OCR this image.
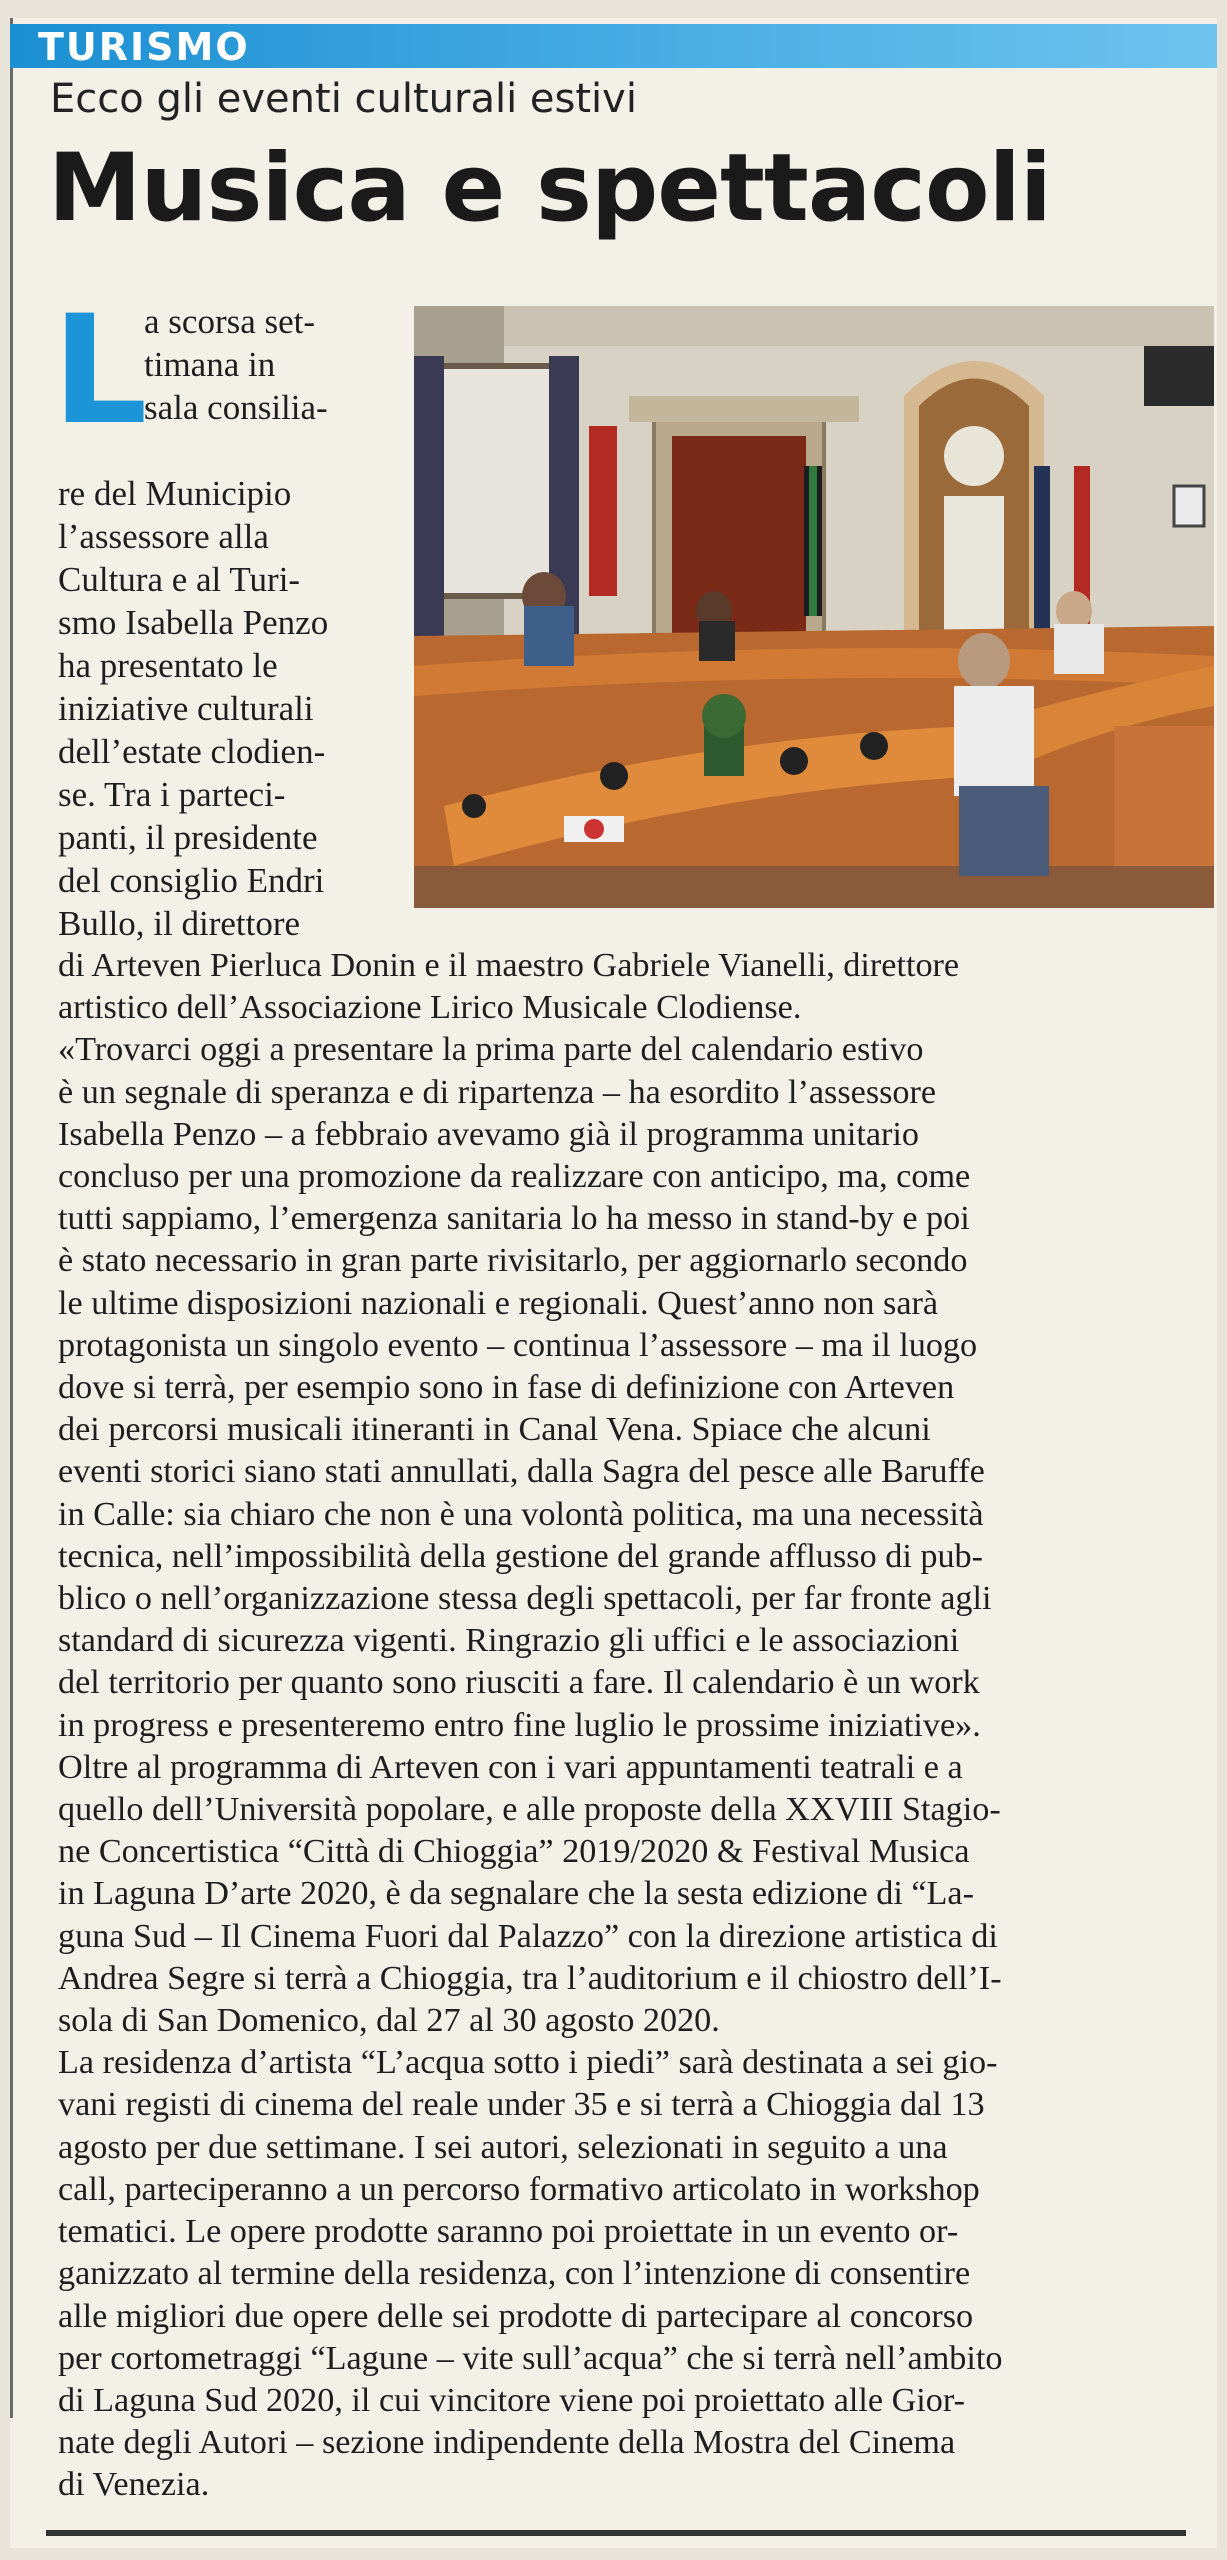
TURISMO
Ecco gli eventi culturali estivi
Musica e spettacoli
L
a scorsa set-
timana in
sala consilia-
re del Municipio
l’assessore alla
Cultura e al Turi-
smo Isabella Penzo
ha presentato le
iniziative culturali
dell’estate clodien-
se. Tra i parteci-
panti, il presidente
del consiglio Endri
Bullo, il direttore
di Arteven Pierluca Donin e il maestro Gabriele Vianelli, direttore
artistico dell’Associazione Lirico Musicale Clodiense.
«Trovarci oggi a presentare la prima parte del calendario estivo
è un segnale di speranza e di ripartenza – ha esordito l’assessore
Isabella Penzo – a febbraio avevamo già il programma unitario
concluso per una promozione da realizzare con anticipo, ma, come
tutti sappiamo, l’emergenza sanitaria lo ha messo in stand-by e poi
è stato necessario in gran parte rivisitarlo, per aggiornarlo secondo
le ultime disposizioni nazionali e regionali. Quest’anno non sarà
protagonista un singolo evento – continua l’assessore – ma il luogo
dove si terrà, per esempio sono in fase di definizione con Arteven
dei percorsi musicali itineranti in Canal Vena. Spiace che alcuni
eventi storici siano stati annullati, dalla Sagra del pesce alle Baruffe
in Calle: sia chiaro che non è una volontà politica, ma una necessità
tecnica, nell’impossibilità della gestione del grande afflusso di pub-
blico o nell’organizzazione stessa degli spettacoli, per far fronte agli
standard di sicurezza vigenti. Ringrazio gli uffici e le associazioni
del territorio per quanto sono riusciti a fare. Il calendario è un work
in progress e presenteremo entro fine luglio le prossime iniziative».
Oltre al programma di Arteven con i vari appuntamenti teatrali e a
quello dell’Università popolare, e alle proposte della XXVIII Stagio-
ne Concertistica “Città di Chioggia” 2019/2020 & Festival Musica
in Laguna D’arte 2020, è da segnalare che la sesta edizione di “La-
guna Sud – Il Cinema Fuori dal Palazzo” con la direzione artistica di
Andrea Segre si terrà a Chioggia, tra l’auditorium e il chiostro dell’I-
sola di San Domenico, dal 27 al 30 agosto 2020.
La residenza d’artista “L’acqua sotto i piedi” sarà destinata a sei gio-
vani registi di cinema del reale under 35 e si terrà a Chioggia dal 13
agosto per due settimane. I sei autori, selezionati in seguito a una
call, parteciperanno a un percorso formativo articolato in workshop
tematici. Le opere prodotte saranno poi proiettate in un evento or-
ganizzato al termine della residenza, con l’intenzione di consentire
alle migliori due opere delle sei prodotte di partecipare al concorso
per cortometraggi “Lagune – vite sull’acqua” che si terrà nell’ambito
di Laguna Sud 2020, il cui vincitore viene poi proiettato alle Gior-
nate degli Autori – sezione indipendente della Mostra del Cinema
di Venezia.
